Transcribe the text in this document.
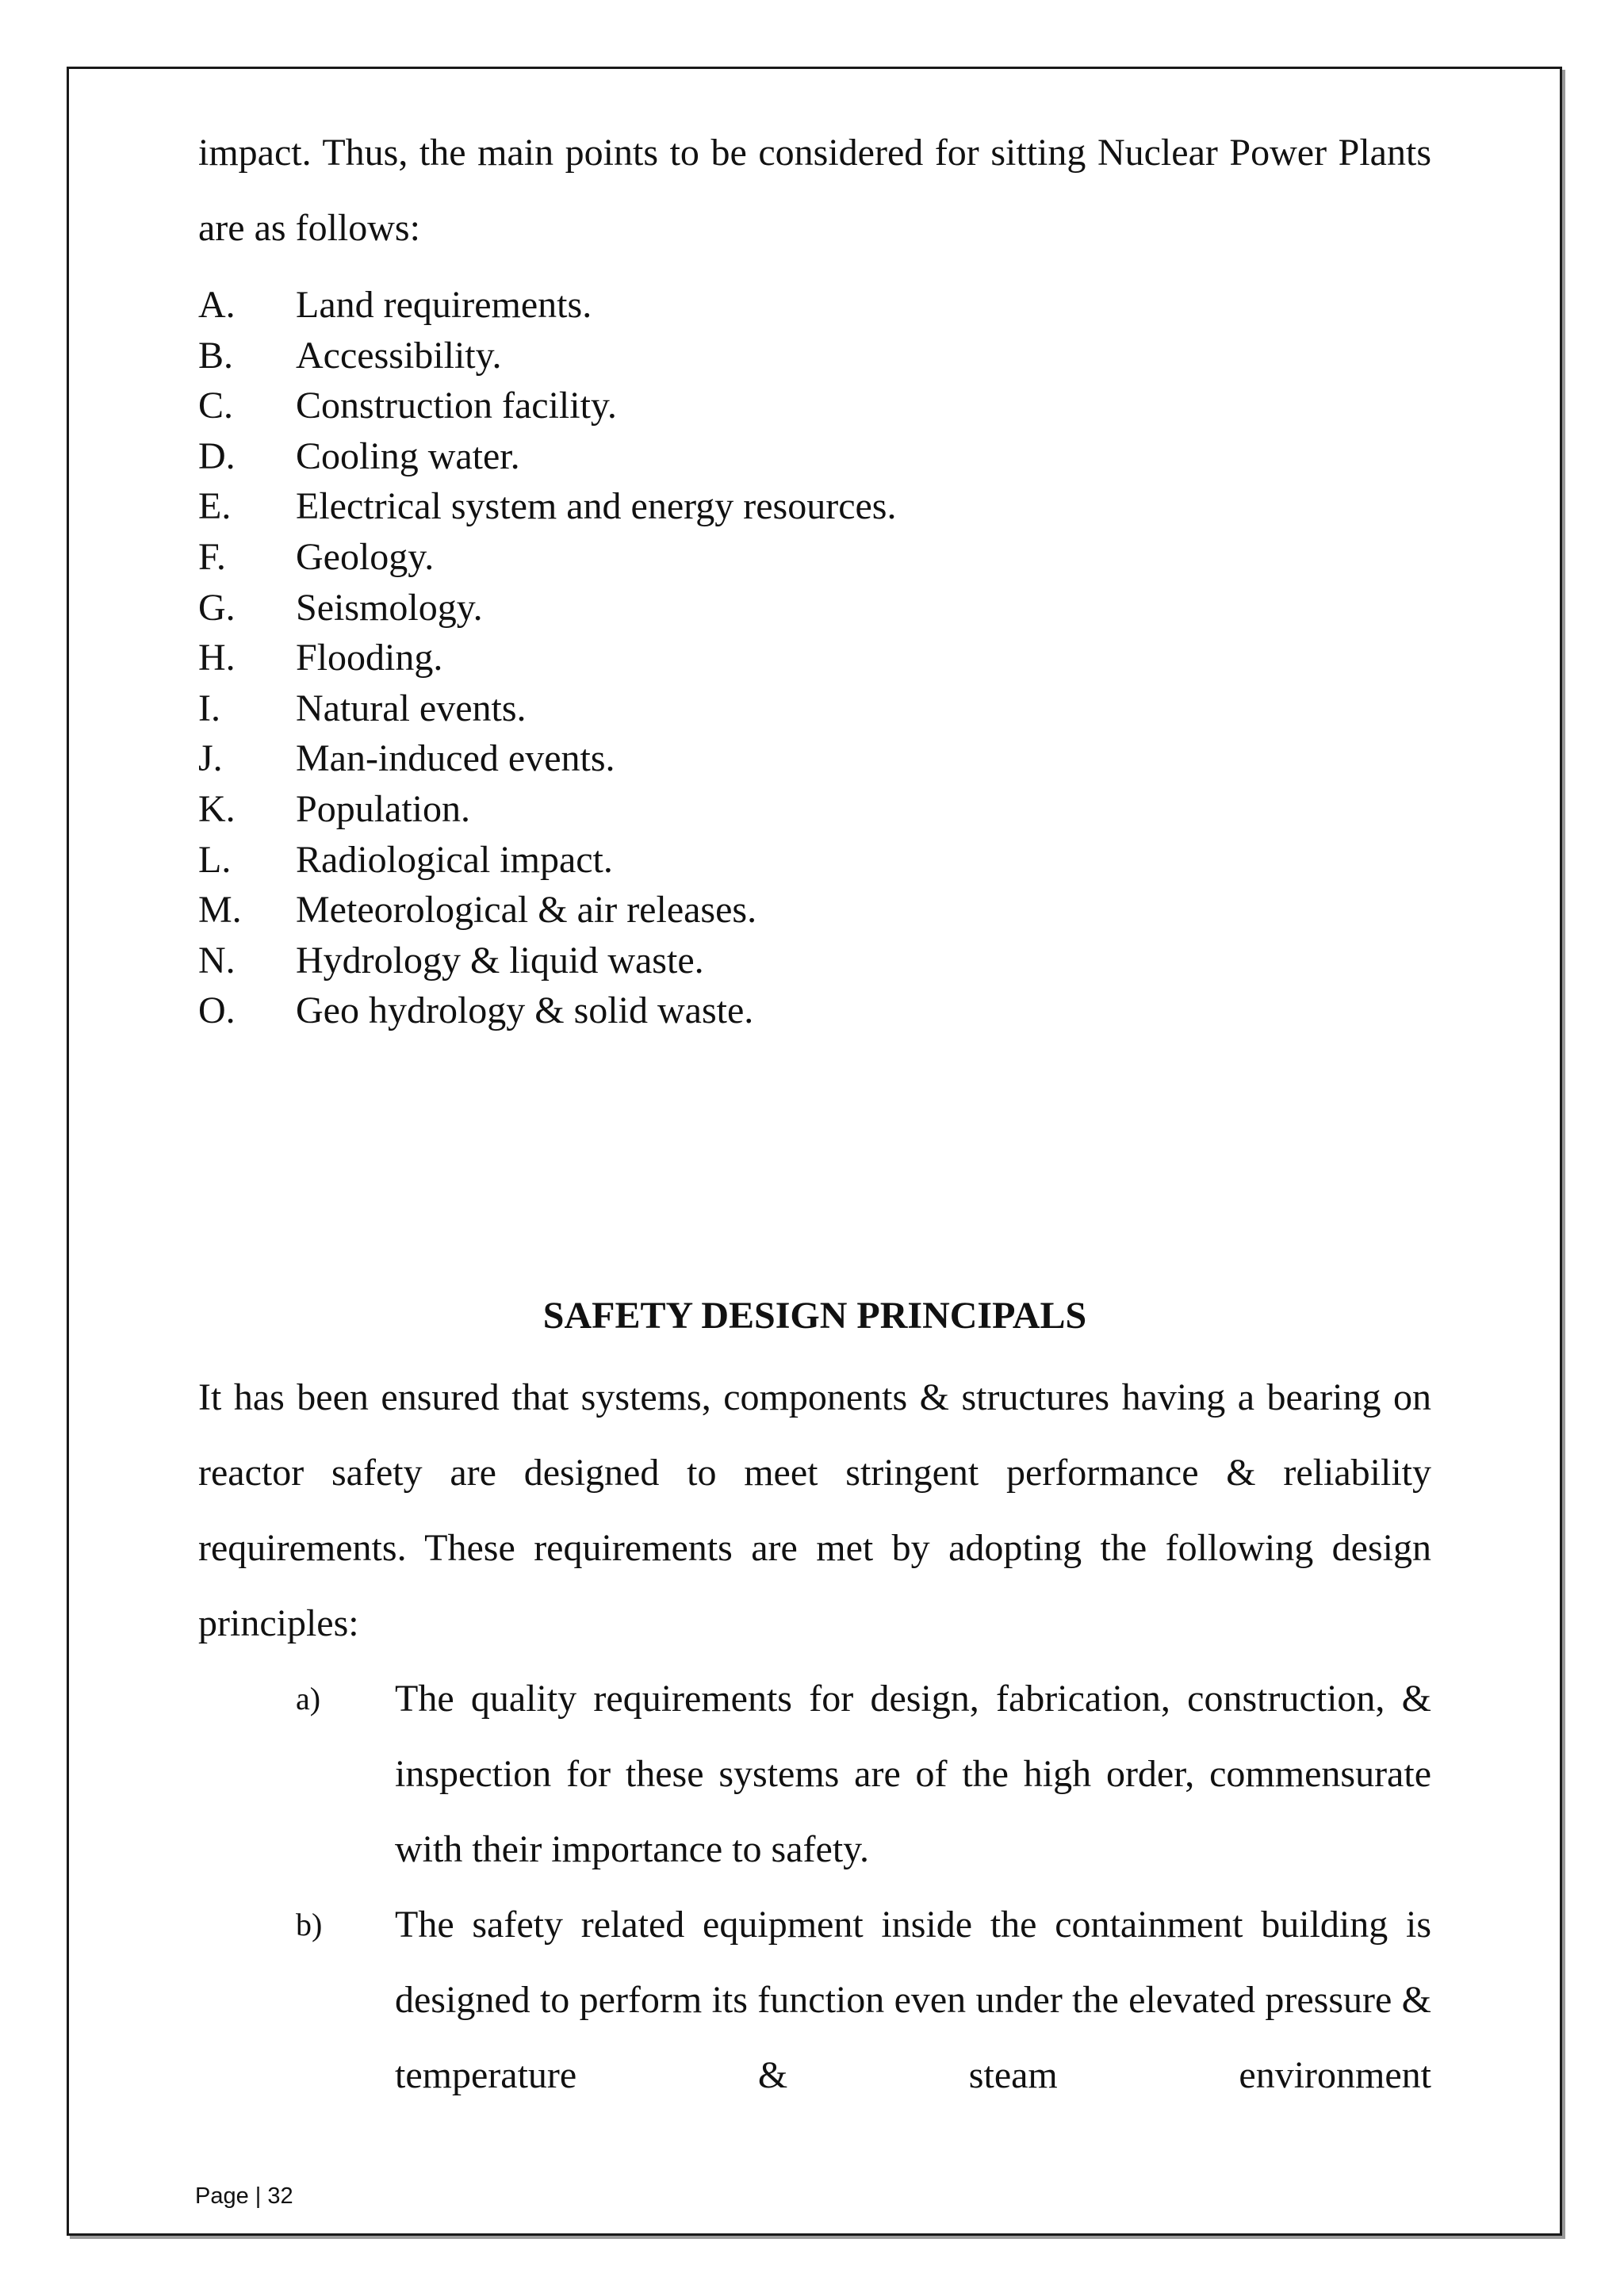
impact. Thus, the main points to be considered for sitting Nuclear Power Plants are as follows:

A.	Land requirements.
B.	Accessibility.
C.	Construction facility.
D.	Cooling water.
E.	Electrical system and energy resources.
F.	Geology.
G.	Seismology.
H.	Flooding.
I.	Natural events.
J.	Man-induced events.
K.	Population.
L.	Radiological impact.
M.	Meteorological & air releases.
N.	Hydrology & liquid waste.
O.	Geo hydrology & solid waste.
SAFETY DESIGN PRINCIPALS

It has been ensured that systems, components & structures having a bearing on reactor safety are designed to meet stringent performance & reliability requirements. These requirements are met by adopting the following design principles:

a)	The quality requirements for design, fabrication, construction, & inspection for these systems are of the high order, commensurate with their importance to safety.
b)	The safety related equipment inside the containment building is designed to perform its function even under the elevated pressure & temperature & steam environment
Page | 32
